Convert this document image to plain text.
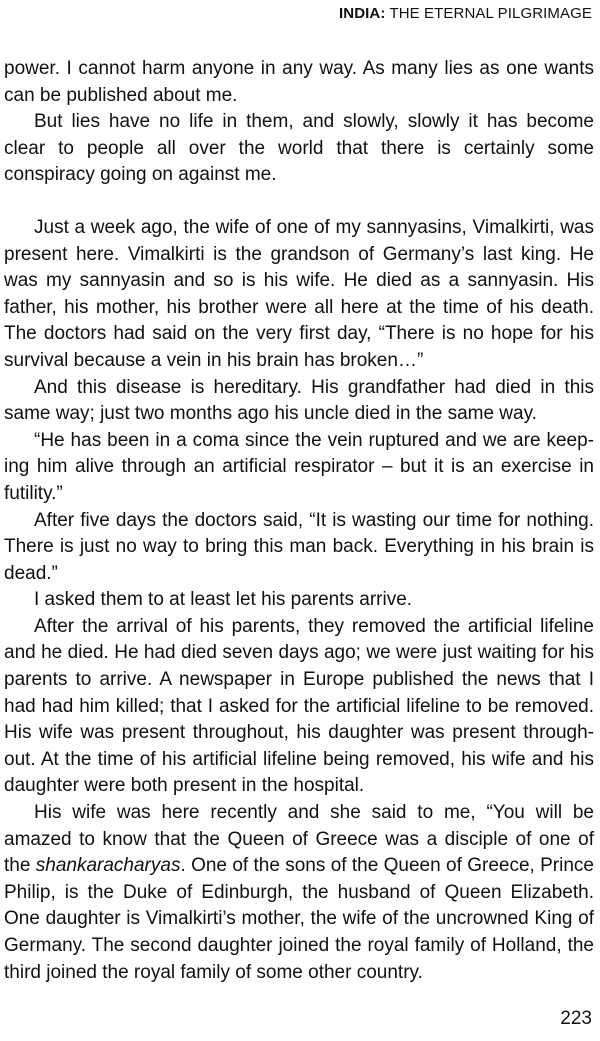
INDIA: THE ETERNAL PILGRIMAGE

power. I cannot harm anyone in any way. As many lies as one wants can be published about me.

But lies have no life in them, and slowly, slowly it has become clear to people all over the world that there is certainly some conspiracy going on against me.

Just a week ago, the wife of one of my sannyasins, Vimalkirti, was present here. Vimalkirti is the grandson of Germany’s last king. He was my sannyasin and so is his wife. He died as a sannyasin. His father, his mother, his brother were all here at the time of his death. The doctors had said on the very first day, “There is no hope for his survival because a vein in his brain has broken…”

And this disease is hereditary. His grandfather had died in this same way; just two months ago his uncle died in the same way.

“He has been in a coma since the vein ruptured and we are keeping him alive through an artificial respirator – but it is an exercise in futility.”

After five days the doctors said, “It is wasting our time for nothing. There is just no way to bring this man back. Everything in his brain is dead.”

I asked them to at least let his parents arrive.

After the arrival of his parents, they removed the artificial lifeline and he died. He had died seven days ago; we were just waiting for his parents to arrive. A newspaper in Europe published the news that I had had him killed; that I asked for the artificial lifeline to be removed. His wife was present throughout, his daughter was present throughout. At the time of his artificial lifeline being removed, his wife and his daughter were both present in the hospital.

His wife was here recently and she said to me, “You will be amazed to know that the Queen of Greece was a disciple of one of the shankaracharyas. One of the sons of the Queen of Greece, Prince Philip, is the Duke of Edinburgh, the husband of Queen Elizabeth. One daughter is Vimalkirti’s mother, the wife of the uncrowned King of Germany. The second daughter joined the royal family of Holland, the third joined the royal family of some other country.

223
